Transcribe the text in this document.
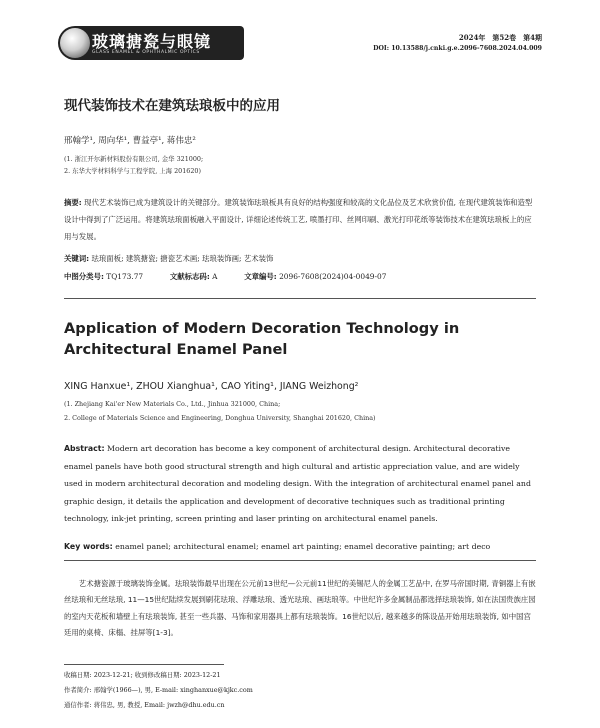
玻璃搪瓷与眼镜
GLASS ENAMEL & OPHTHALMIC OPTICS
2024年　第52卷　第4期
DOI: 10.13588/j.cnki.g.e.2096-7608.2024.04.009
现代装饰技术在建筑珐琅板中的应用
邢翰学¹, 周向华¹, 曹益亭¹, 蒋伟忠²
(1. 浙江开尔新材料股份有限公司, 金华 321000;
2. 东华大学材料科学与工程学院, 上海 201620)
摘要: 现代艺术装饰已成为建筑设计的关键部分。建筑装饰珐琅板具有良好的结构强度和较高的文化品位及艺术欣赏价值, 在现代建筑装饰和造型设计中得到了广泛运用。将建筑珐琅面板融入平面设计, 详细论述传统工艺, 喷墨打印、丝网印刷、激光打印花纸等装饰技术在建筑珐琅板上的应用与发展。
关键词: 珐琅面板; 建筑搪瓷; 搪瓷艺术画; 珐琅装饰画; 艺术装饰
中图分类号: TQ173.77	文献标志码: A	文章编号: 2096-7608(2024)04-0049-07
Application of Modern Decoration Technology in Architectural Enamel Panel
XING Hanxue¹, ZHOU Xianghua¹, CAO Yiting¹, JIANG Weizhong²
(1. Zhejiang Kai'er New Materials Co., Ltd., Jinhua 321000, China;
2. College of Materials Science and Engineering, Donghua University, Shanghai 201620, China)
Abstract: Modern art decoration has become a key component of architectural design. Architectural decorative enamel panels have both good structural strength and high cultural and artistic appreciation value, and are widely used in modern architectural decoration and modeling design. With the integration of architectural enamel panel and graphic design, it details the application and development of decorative techniques such as traditional printing technology, ink-jet printing, screen printing and laser printing on architectural enamel panels.
Key words: enamel panel; architectural enamel; enamel art painting; enamel decorative painting; art deco
艺术搪瓷源于玻璃装饰金属。珐琅装饰最早出现在公元前13世纪—公元前11世纪的美锡尼人的金属工艺品中, 在罗马帝国时期, 青铜器上有嵌丝珐琅和无丝珐琅, 11—15世纪陆续发展到刷花珐琅、浮雕珐琅、透光珐琅、画珐琅等。中世纪许多金属制品都选择珐琅装饰, 如在法国贵族庄园的室内天花板和墙壁上有珐琅装饰, 甚至一些兵器、马饰和家用器具上都有珐琅装饰。16世纪以后, 越来越多的陈设品开始用珐琅装饰, 如中国宫廷用的桌椅、床榻、挂屏等[1-3]。
收稿日期: 2023-12-21; 收到修改稿日期: 2023-12-21
作者简介: 邢翰学(1966—), 男, E-mail: xinghanxue@kjkc.com
通信作者: 蒋伟忠, 男, 教授, Email: jwzh@dhu.edu.cn
